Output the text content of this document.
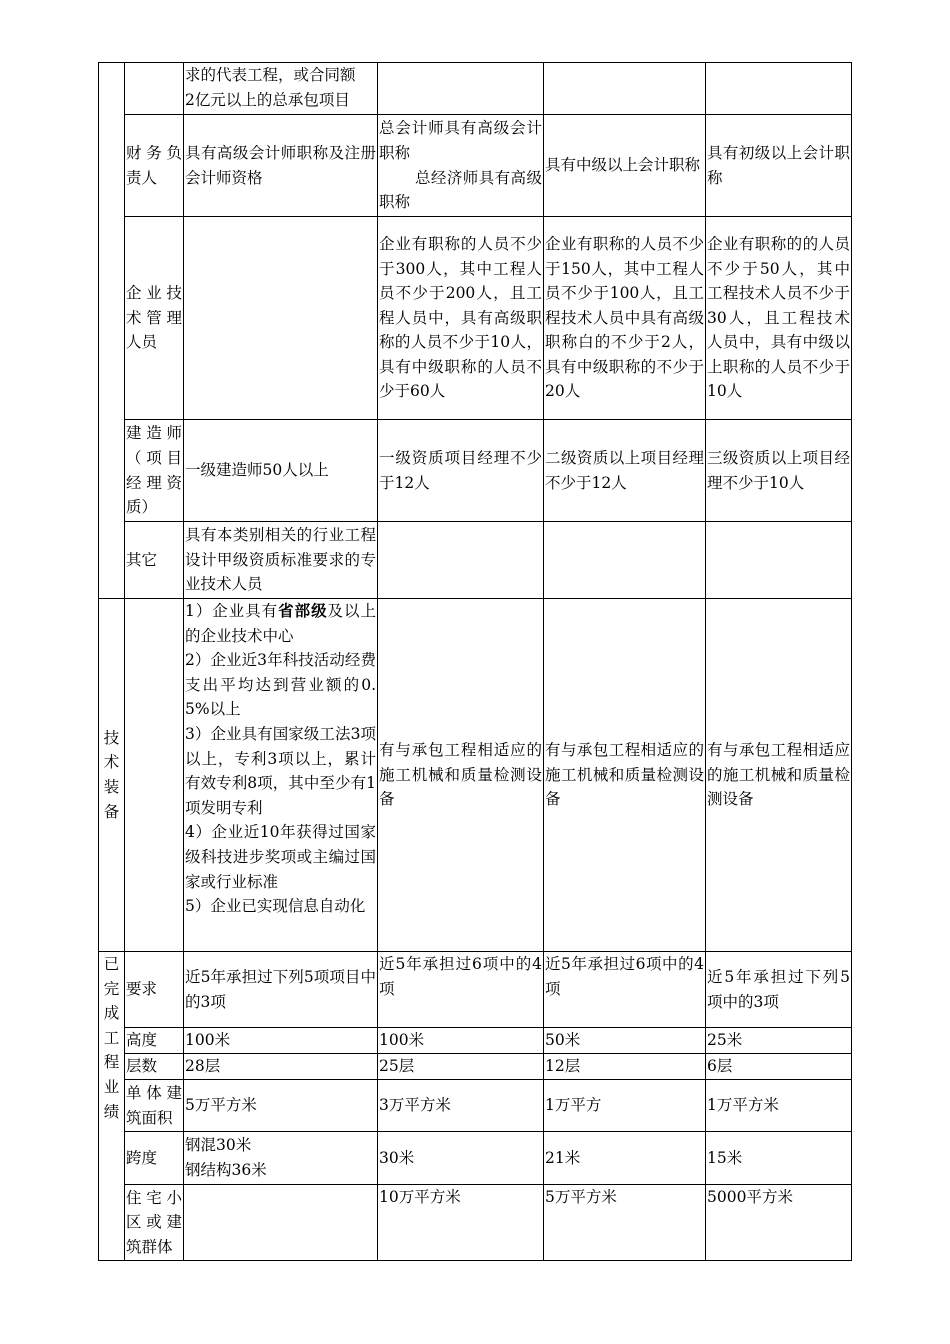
		求的代表工程，或合同额
2亿元以上的总承包项目			

	财务负责人	具有高级会计师职称及注册会计师资格	总会计师具有高级会计职称
总经济师具有高级职称	具有中级以上会计职称	具有初级以上会计职称
	企业技术管理人员		企业有职称的人员不少于300人，其中工程人员不少于200人，且工程人员中，具有高级职称的人员不少于10人，具有中级职称的人员不少于60人	企业有职称的人员不少于150人，其中工程人员不少于100人，且工程技术人员中具有高级职称白的不少于2人，具有中级职称的不少于20人	企业有职称的的人员不少于50人，其中工程技术人员不少于30人，且工程技术人员中，具有中级以上职称的人员不少于10人
	建造师（项目经理资质）	一级建造师50人以上	一级资质项目经理不少于12人	二级资质以上项目经理不少于12人	三级资质以上项目经理不少于10人
	其它	具有本类别相关的行业工程设计甲级资质标准要求的专业技术人员			
技术装备		1）企业具有省部级及以上的企业技术中心
2）企业近3年科技活动经费支出平均达到营业额的0.5%以上
3）企业具有国家级工法3项以上，专利3项以上，累计有效专利8项，其中至少有1项发明专利
4）企业近10年获得过国家级科技进步奖项或主编过国家或行业标准
5）企业已实现信息自动化	有与承包工程相适应的施工机械和质量检测设备	有与承包工程相适应的施工机械和质量检测设备	有与承包工程相适应的施工机械和质量检测设备
已完成工程业绩	要求	近5年承担过下列5项项目中的3项	近5年承担过6项中的4项	近5年承担过6项中的4项	近5年承担过下列5项中的3项
	高度	100米	100米	50米	25米
	层数	28层	25层	12层	6层
	单体建筑面积	5万平方米	3万平方米	1万平方	1万平方米
	跨度	钢混30米
钢结构36米	30米	21米	15米
	住宅小区或建筑群体		10万平方米	5万平方米	5000平方米
